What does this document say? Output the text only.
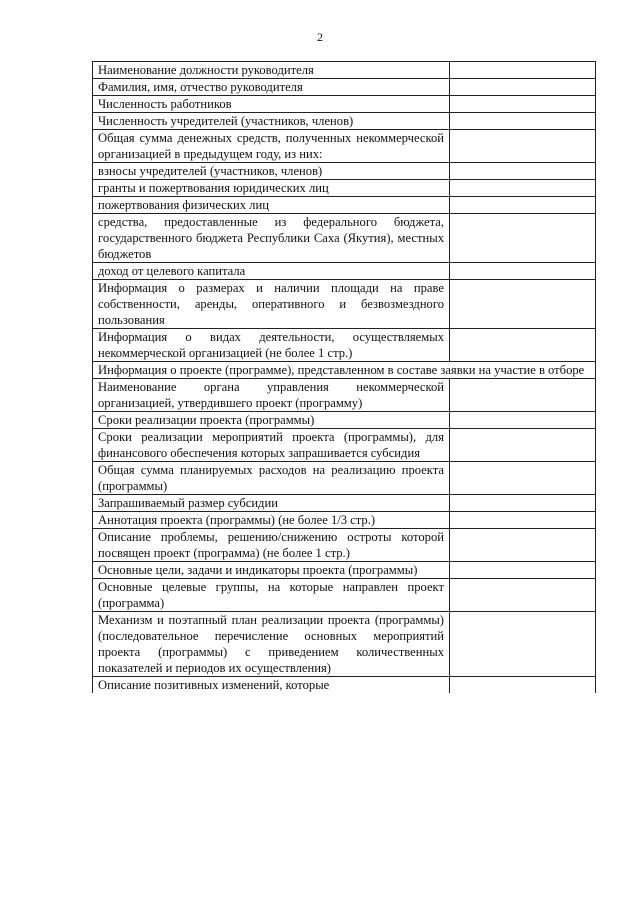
2
Наименование должности руководителя	
Фамилия, имя, отчество руководителя	
Численность работников	
Численность учредителей (участников, членов)	
Общая сумма денежных средств, полученных некоммерческой организацией в предыдущем году, из них:	
взносы учредителей (участников, членов)	
гранты и пожертвования юридических лиц	
пожертвования физических лиц	
средства, предоставленные из федерального бюджета, государственного бюджета Республики Саха (Якутия), местных бюджетов	
доход от целевого капитала	
Информация о размерах и наличии площади на праве собственности, аренды, оперативного и безвозмездного пользования	
Информация о видах деятельности, осуществляемых некоммерческой организацией (не более 1 стр.)	
Информация о проекте (программе), представленном в составе заявки на участие в отборе	
Наименование органа управления некоммерческой организацией, утвердившего проект (программу)	
Сроки реализации проекта (программы)	
Сроки реализации мероприятий проекта (программы), для финансового обеспечения которых запрашивается субсидия	
Общая сумма планируемых расходов на реализацию проекта (программы)	
Запрашиваемый размер субсидии	
Аннотация проекта (программы) (не более 1/3 стр.)	
Описание проблемы, решению/снижению остроты которой посвящен проект (программа) (не более 1 стр.)	
Основные цели, задачи и индикаторы проекта (программы)	
Основные целевые группы, на которые направлен проект (программа)	
Механизм и поэтапный план реализации проекта (программы) (последовательное перечисление основных мероприятий проекта (программы) с приведением количественных показателей и периодов их осуществления)	
Описание позитивных изменений, которые	
